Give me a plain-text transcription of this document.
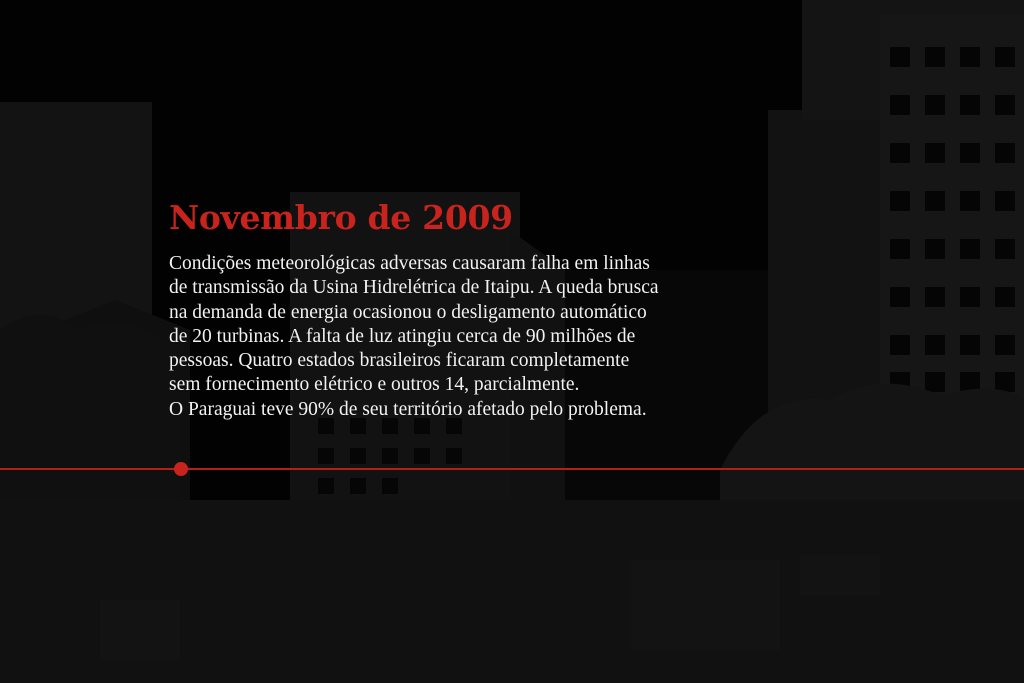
Novembro de 2009

Condições meteorológicas adversas causaram falha em linhas
de transmissão da Usina Hidrelétrica de Itaipu. A queda brusca
na demanda de energia ocasionou o desligamento automático
de 20 turbinas. A falta de luz atingiu cerca de 90 milhões de
pessoas. Quatro estados brasileiros ficaram completamente
sem fornecimento elétrico e outros 14, parcialmente.
O Paraguai teve 90% de seu território afetado pelo problema.
